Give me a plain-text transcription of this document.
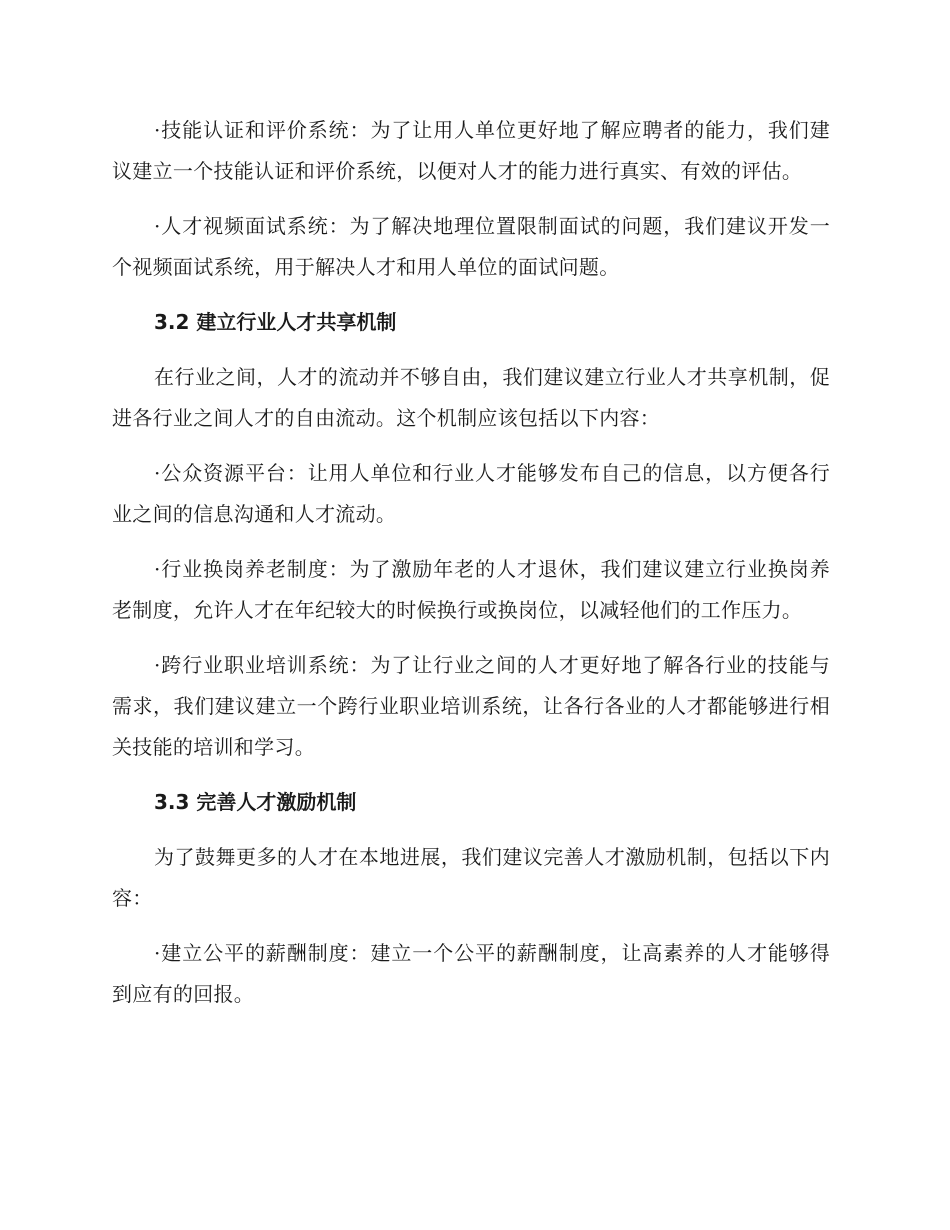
·技能认证和评价系统：为了让用人单位更好地了解应聘者的能力，我们建议建立一个技能认证和评价系统，以便对人才的能力进行真实、有效的评估。

·人才视频面试系统：为了解决地理位置限制面试的问题，我们建议开发一个视频面试系统，用于解决人才和用人单位的面试问题。

3.2 建立行业人才共享机制

在行业之间，人才的流动并不够自由，我们建议建立行业人才共享机制，促进各行业之间人才的自由流动。这个机制应该包括以下内容：

·公众资源平台：让用人单位和行业人才能够发布自己的信息，以方便各行业之间的信息沟通和人才流动。

·行业换岗养老制度：为了激励年老的人才退休，我们建议建立行业换岗养老制度，允许人才在年纪较大的时候换行或换岗位，以减轻他们的工作压力。

·跨行业职业培训系统：为了让行业之间的人才更好地了解各行业的技能与需求，我们建议建立一个跨行业职业培训系统，让各行各业的人才都能够进行相关技能的培训和学习。

3.3 完善人才激励机制

为了鼓舞更多的人才在本地进展，我们建议完善人才激励机制，包括以下内容：

·建立公平的薪酬制度：建立一个公平的薪酬制度，让高素养的人才能够得到应有的回报。
